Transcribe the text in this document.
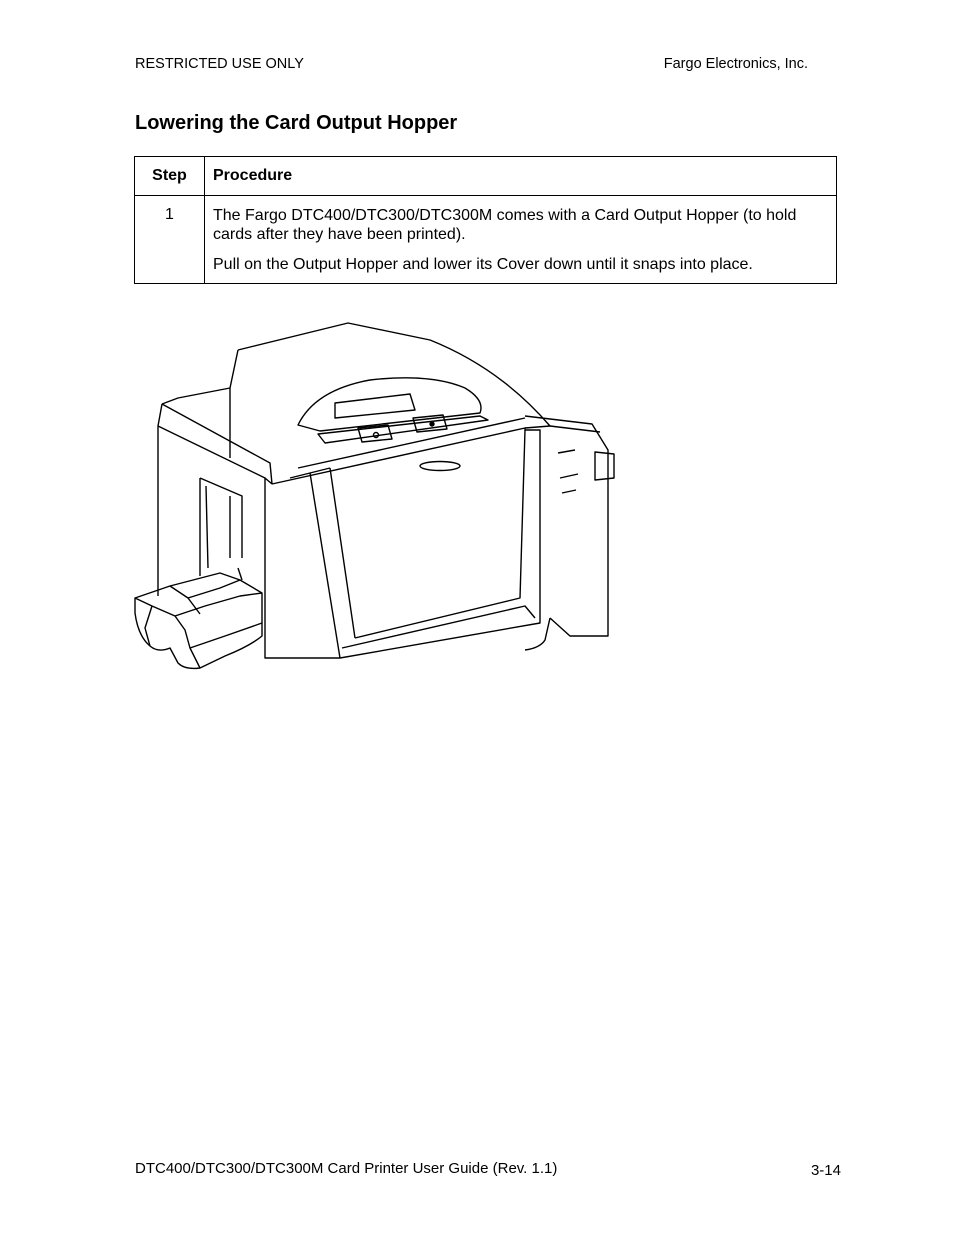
RESTRICTED USE ONLY	Fargo Electronics, Inc.
Lowering the Card Output Hopper
Step	Procedure
1	The Fargo DTC400/DTC300/DTC300M comes with a Card Output Hopper (to hold cards after they have been printed).

Pull on the Output Hopper and lower its Cover down until it snaps into place.

DTC400/DTC300/DTC300M Card Printer User Guide (Rev. 1.1)	3-14
